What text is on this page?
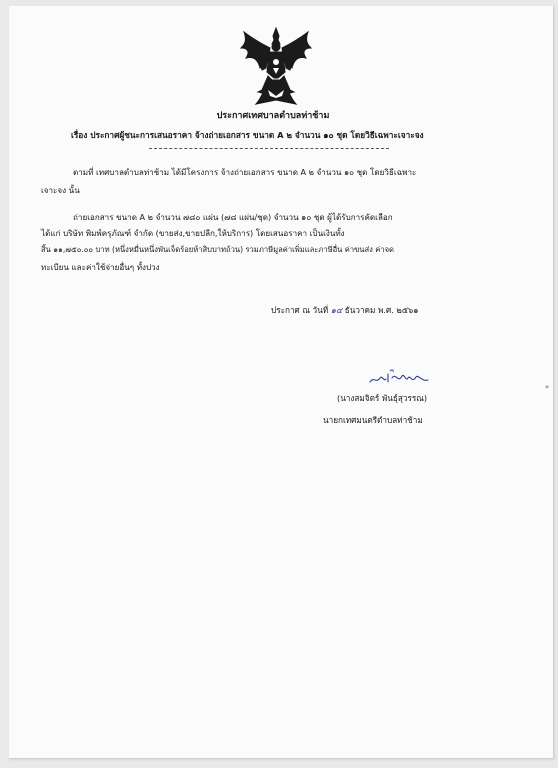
ประกาศเทศบาลตำบลท่าช้าม
เรื่อง ประกาศผู้ชนะการเสนอราคา จ้างถ่ายเอกสาร ขนาด A ๒ จำนวน ๑๐ ชุด โดยวิธีเฉพาะเจาะจง
ตามที่ เทศบาลตำบลท่าช้าม ได้มีโครงการ จ้างถ่ายเอกสาร ขนาด A ๒ จำนวน ๑๐ ชุด โดยวิธีเฉพาะ
เจาะจง นั้น
ถ่ายเอกสาร ขนาด A ๒ จำนวน ๗๘๐ แผ่น (๗๘ แผ่น/ชุด) จำนวน ๑๐ ชุด ผู้ได้รับการคัดเลือก
ได้แก่ บริษัท พิมพ์ครุภัณฑ์ จำกัด (ขายส่ง,ขายปลีก,ให้บริการ) โดยเสนอราคา เป็นเงินทั้ง
สิ้น ๑๑,๗๕๐.๐๐ บาท (หนึ่งหมื่นหนึ่งพันเจ็ดร้อยห้าสิบบาทถ้วน) รวมภาษีมูลค่าเพิ่มและภาษีอื่น ค่าขนส่ง ค่าจด
ทะเบียน และค่าใช้จ่ายอื่นๆ ทั้งปวง
ประกาศ ณ วันที่ ๑๔ ธันวาคม พ.ศ. ๒๕๖๑
(นางสมจิตร์ พันธุ์สุวรรณ)
นายกเทศมนตรีตำบลท่าช้าม
*
